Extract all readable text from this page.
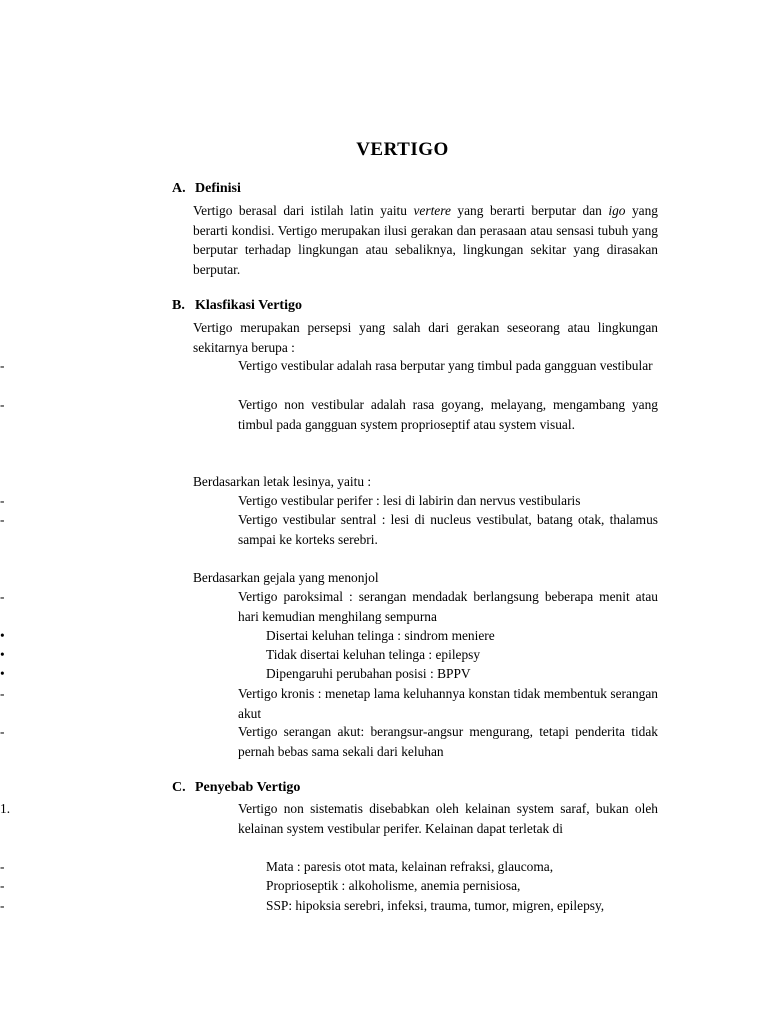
VERTIGO
A. Definisi
Vertigo berasal dari istilah latin yaitu vertere yang berarti berputar dan igo yang berarti kondisi. Vertigo merupakan ilusi gerakan dan perasaan atau sensasi tubuh yang berputar terhadap lingkungan atau sebaliknya, lingkungan sekitar yang dirasakan berputar.
B. Klasfikasi Vertigo
Vertigo merupakan persepsi yang salah dari gerakan seseorang atau lingkungan sekitarnya berupa :
-	Vertigo vestibular adalah rasa berputar yang timbul pada gangguan vestibular
-	Vertigo non vestibular adalah rasa goyang, melayang, mengambang yang timbul pada gangguan system proprioseptif atau system visual.
Berdasarkan letak lesinya, yaitu :
-	Vertigo vestibular perifer : lesi di labirin dan nervus vestibularis
-	Vertigo vestibular sentral : lesi di nucleus vestibulat, batang otak, thalamus sampai ke korteks serebri.
Berdasarkan gejala yang menonjol
-	Vertigo paroksimal : serangan mendadak berlangsung beberapa menit atau hari kemudian menghilang sempurna
•	Disertai keluhan telinga : sindrom meniere
•	Tidak disertai keluhan telinga : epilepsy
•	Dipengaruhi perubahan posisi : BPPV
-	Vertigo kronis : menetap lama keluhannya konstan tidak membentuk serangan akut
-	Vertigo serangan akut: berangsur-angsur mengurang, tetapi penderita tidak pernah bebas sama sekali dari keluhan
C. Penyebab Vertigo
1.	Vertigo non sistematis disebabkan oleh kelainan system saraf, bukan oleh kelainan system vestibular perifer. Kelainan dapat terletak di
-	Mata : paresis otot mata, kelainan refraksi, glaucoma,
-	Proprioseptik : alkoholisme, anemia pernisiosa,
-	SSP: hipoksia serebri, infeksi, trauma, tumor, migren, epilepsy,
